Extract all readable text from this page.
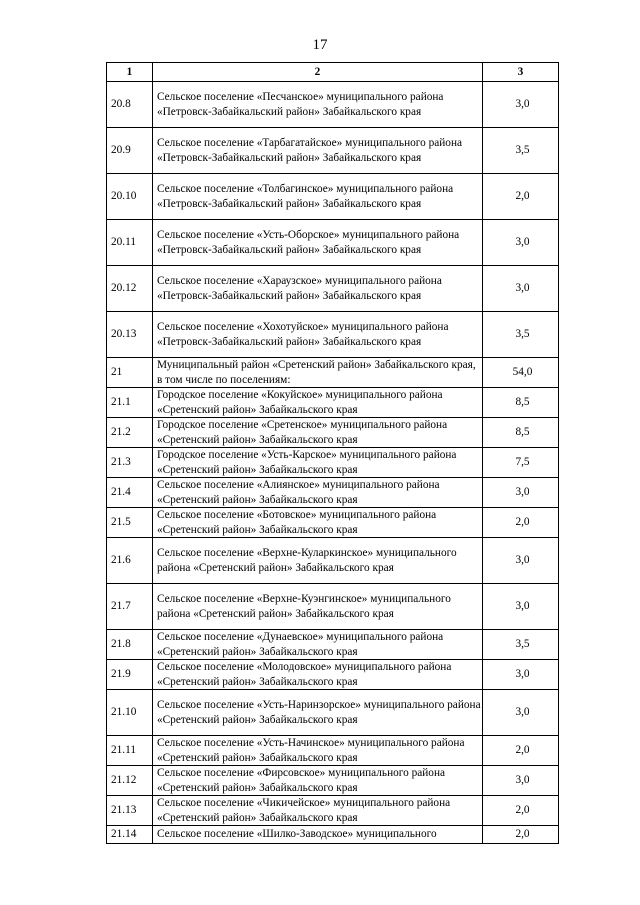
17
1	2	3
20.8	Сельское поселение «Песчанское» муниципального района «Петровск-Забайкальский район» Забайкальского края	3,0
20.9	Сельское поселение «Тарбагатайское» муниципального района «Петровск-Забайкальский район» Забайкальского края	3,5
20.10	Сельское поселение «Толбагинское» муниципального района «Петровск-Забайкальский район» Забайкальского края	2,0
20.11	Сельское поселение «Усть-Оборское» муниципального района «Петровск-Забайкальский район» Забайкальского края	3,0
20.12	Сельское поселение «Хараузское» муниципального района «Петровск-Забайкальский район» Забайкальского края	3,0
20.13	Сельское поселение «Хохотуйское» муниципального района «Петровск-Забайкальский район» Забайкальского края	3,5
21	Муниципальный район «Сретенский район» Забайкальского края, в том числе по поселениям:	54,0
21.1	Городское поселение «Кокуйское» муниципального района «Сретенский район» Забайкальского края	8,5
21.2	Городское поселение «Сретенское» муниципального района «Сретенский район» Забайкальского края	8,5
21.3	Городское поселение «Усть-Карское» муниципального района «Сретенский район» Забайкальского края	7,5
21.4	Сельское поселение «Алиянское» муниципального района «Сретенский район» Забайкальского края	3,0
21.5	Сельское поселение «Ботовское» муниципального района «Сретенский район» Забайкальского края	2,0
21.6	Сельское поселение «Верхне-Куларкинское» муниципального района «Сретенский район» Забайкальского края	3,0
21.7	Сельское поселение «Верхне-Куэнгинское» муниципального района «Сретенский район» Забайкальского края	3,0
21.8	Сельское поселение «Дунаевское» муниципального района «Сретенский район» Забайкальского края	3,5
21.9	Сельское поселение «Молодовское» муниципального района «Сретенский район» Забайкальского края	3,0
21.10	Сельское поселение «Усть-Наринзорское» муниципального района «Сретенский район» Забайкальского края	3,0
21.11	Сельское поселение «Усть-Начинское» муниципального района «Сретенский район» Забайкальского края	2,0
21.12	Сельское поселение «Фирсовское» муниципального района «Сретенский район» Забайкальского края	3,0
21.13	Сельское поселение «Чикичейское» муниципального района «Сретенский район» Забайкальского края	2,0
21.14	Сельское поселение «Шилко-Заводское» муниципального	2,0
